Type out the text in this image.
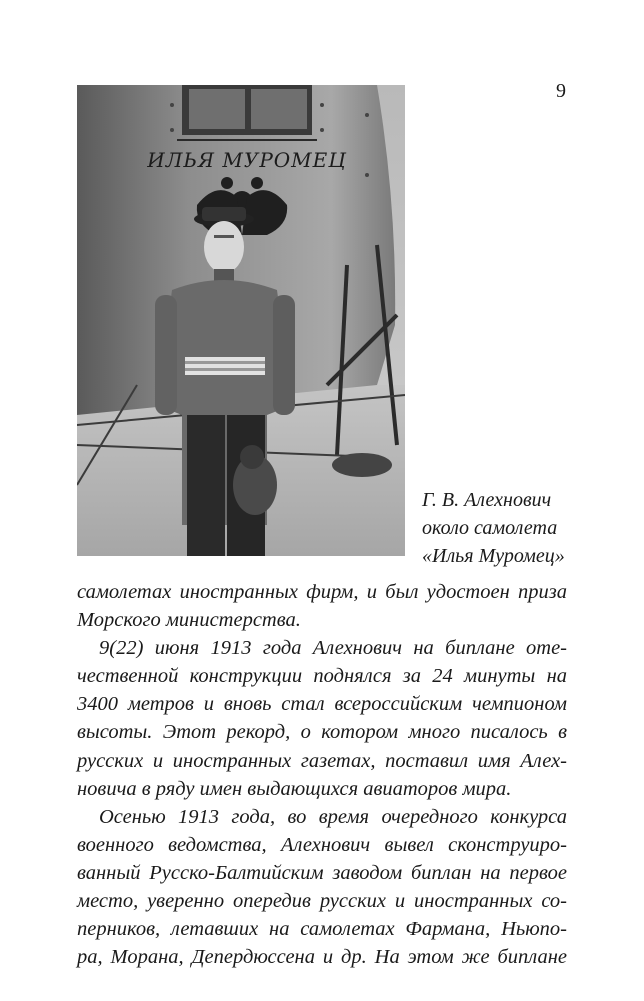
9
ИЛЬЯ МУРОМЕЦ
Г. В. Алехнович
около самолета
«Илья Муромец»
самолетах иностранных фирм, и был удостоен приза
Морского министерства.
9(22) июня 1913 года Алехнович на биплане оте-
чественной конструкции поднялся за 24 минуты на
3400 метров и вновь стал всероссийским чемпионом
высоты. Этот рекорд, о котором много писалось в
русских и иностранных газетах, поставил имя Алех-
новича в ряду имен выдающихся авиаторов мира.
Осенью 1913 года, во время очередного конкурса
военного ведомства, Алехнович вывел сконструиро-
ванный Русско-Балтийским заводом биплан на первое
место, уверенно опередив русских и иностранных со-
перников, летавших на самолетах Фармана, Ньюпо-
ра, Морана, Депердюссена и др. На этом же биплане
